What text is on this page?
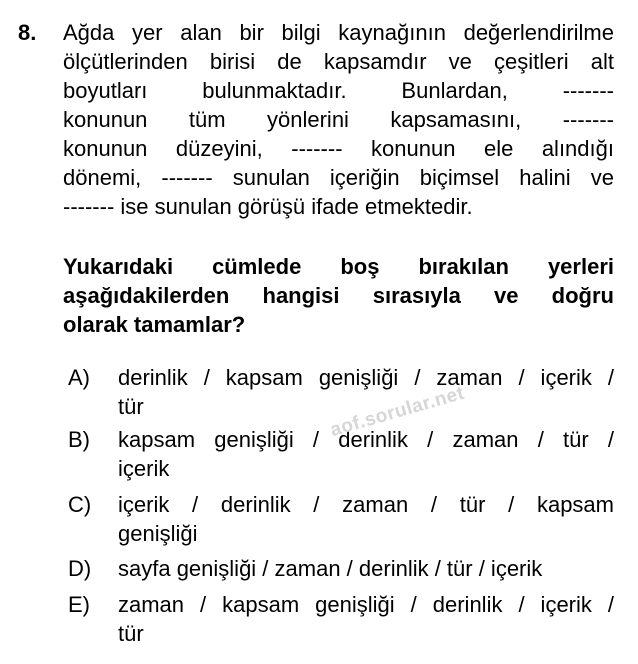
8. Ağda yer alan bir bilgi kaynağının değerlendirilme
ölçütlerinden birisi de kapsamdır ve çeşitleri alt
boyutları bulunmaktadır. Bunlardan, -------
konunun tüm yönlerini kapsamasını, -------
konunun düzeyini, ------- konunun ele alındığı
dönemi, ------- sunulan içeriğin biçimsel halini ve
------- ise sunulan görüşü ifade etmektedir.
Yukarıdaki cümlede boş bırakılan yerleri
aşağıdakilerden hangisi sırasıyla ve doğru
olarak tamamlar?
A) derinlik / kapsam genişliği / zaman / içerik /
tür
B) kapsam genişliği / derinlik / zaman / tür /
içerik
C) içerik / derinlik / zaman / tür / kapsam
genişliği
D) sayfa genişliği / zaman / derinlik / tür / içerik
E) zaman / kapsam genişliği / derinlik / içerik /
tür
aof.sorular.net
